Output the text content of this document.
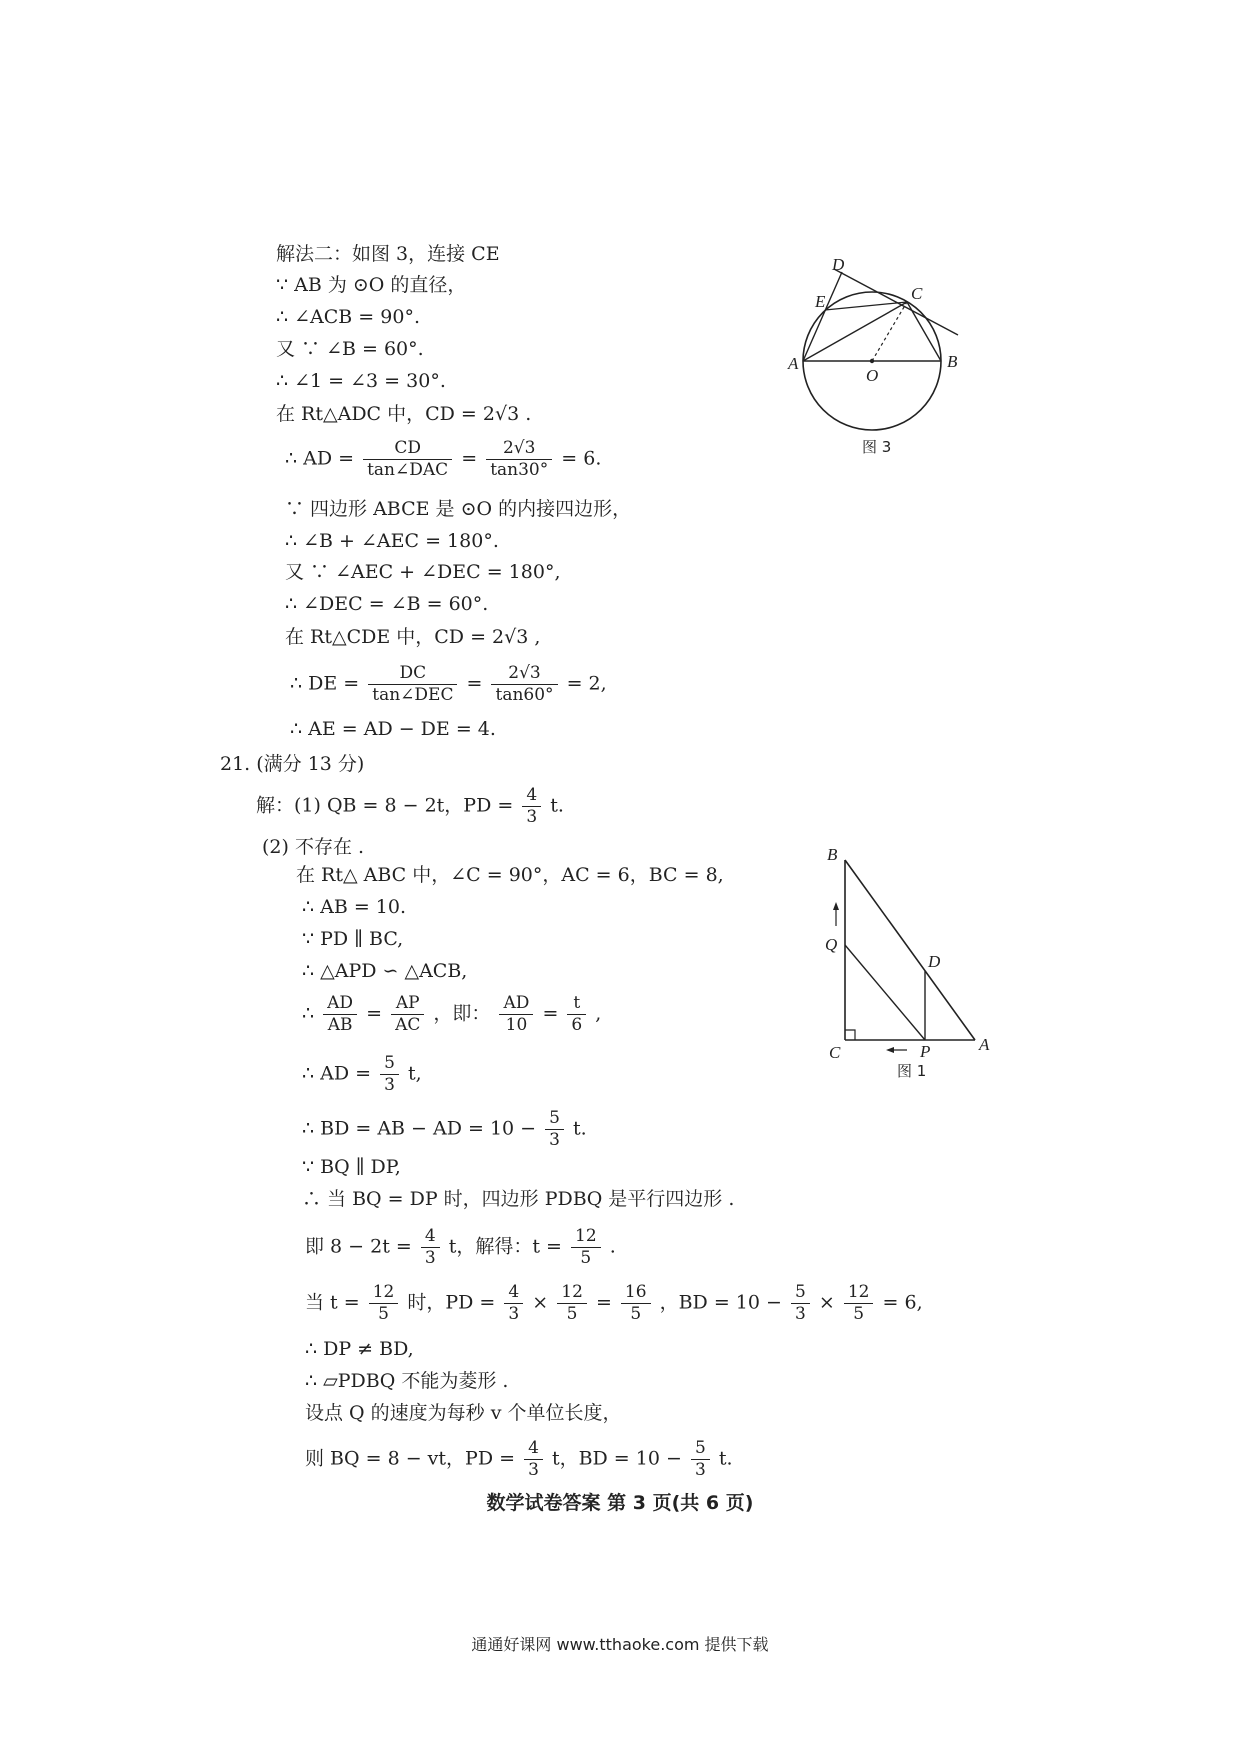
解法二：如图 3，连接 CE
∵ AB 为 ⊙O 的直径，
∴ ∠ACB = 90°.
又 ∵ ∠B = 60°.
∴ ∠1 = ∠3 = 30°.
在 Rt△ADC 中，CD = 2√3 .
∴ AD = $\frac{CD}{\text{tan∠DAC}} = \frac{2√3}{\tan 30^\circ} = 6$.
∵ 四边形 ABCE 是 ⊙O 的内接四边形，
∴ ∠B + ∠AEC = 180°.
又 ∵ ∠AEC + ∠DEC = 180°,
∴ ∠DEC = ∠B = 60°.
在 Rt△CDE 中，CD = 2√3 ,
∴ DE = $\frac{DC}{\text{tan∠DEC}} = \frac{2√3}{\tan 60^\circ} = 2$,
∴ AE = AD − DE = 4.
21. (满分 13 分)
解：(1) QB = 8 − 2t，PD = $\frac{4}{3} t$.
(2) 不存在 .
在 Rt△ ABC 中，∠C = 90°，AC = 6，BC = 8,
∴ AB = 10.
∵ PD ∥ BC,
∴ △APD ∽ △ACB,
∴ $\frac{AD}{AB} = \frac{AP}{AC}$ ，即： $\frac{AD}{10} = \frac{t}{6}$ ,
∴ AD = $\frac{5}{3} t$,
∴ BD = AB − AD = $10 - \frac{5}{3} t$.
∵ BQ ∥ DP,
∴ 当 BQ = DP 时，四边形 PDBQ 是平行四边形 .
即 $8 - 2t = \frac{4}{3}$ t，解得：$t = \frac{12}{5}$ .
当 $t = \frac{12}{5}$ 时，PD = $\frac{4}{3} \times \frac{12}{5} = \frac{16}{5}$ ，BD = $10 - \frac{5}{3} \times \frac{12}{5} = 6$,
∴ DP ≠ BD,
∴ ▱PDBQ 不能为菱形 .
设点 Q 的速度为每秒 v 个单位长度，
则 BQ = 8 − vt，PD = $\frac{4}{3}$ t，BD = $10 - \frac{5}{3} t$.
D
E	C
A	B
O
图 3
B
Q
D
C	P	A
图 1
数学试卷答案 第 3 页(共 6 页)
通通好课网 www.tthaoke.com 提供下载
